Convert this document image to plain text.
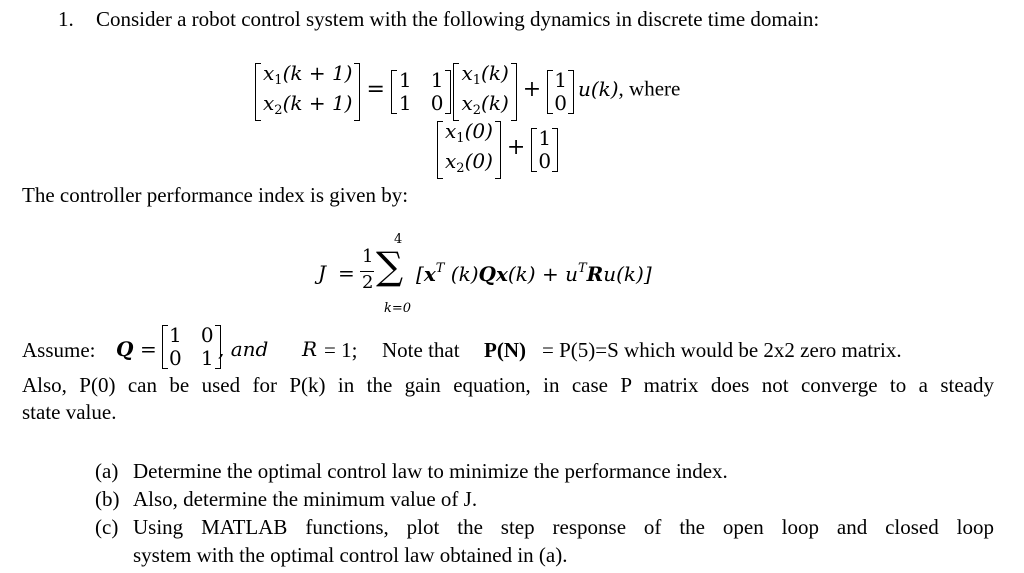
1. Consider a robot control system with the following dynamics in discrete time domain:
$x_1(k + 1)$
$x_2(k + 1)$
= 1 1
1 0
$x_1(k)$
$x_2(k)$
+ 1
0
u(k), where
$x_1(0)$
$x_2(0)$
+ 1
0
The controller performance index is given by:
J =
1
2
4
∑
k=0
[$x^T$ $(k)Qx(k) + u^TRu(k)$]
Assume: Q =
1 0
0 1 , and R = 1; Note that P(N) = P(5)=S which would be 2x2 zero matrix.
Also, P(0) can be used for P(k) in the gain equation, in case P matrix does not converge to a steady
state value.
(a) Determine the optimal control law to minimize the performance index.
(b) Also, determine the minimum value of J.
(c) Using MATLAB functions, plot the step response of the open loop and closed loop
system with the optimal control law obtained in (a).
